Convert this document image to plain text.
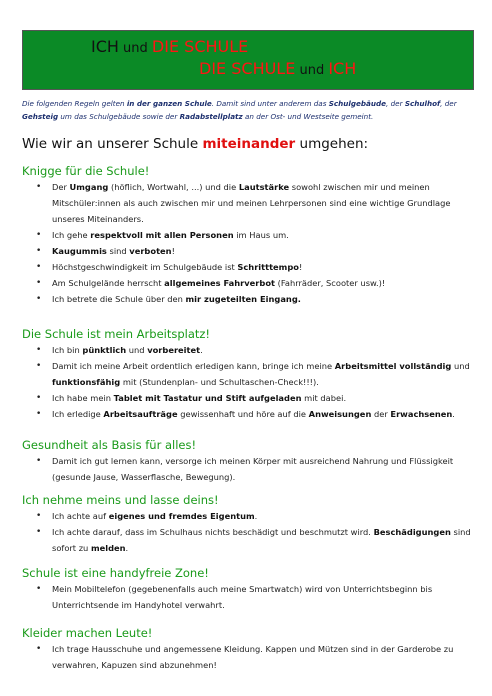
ICH und DIE SCHULE
DIE SCHULE und ICH
Die folgenden Regeln gelten in der ganzen Schule. Damit sind unter anderem das Schulgebäude, der Schulhof, der Gehsteig um das Schulgebäude sowie der Radabstellplatz an der Ost- und Westseite gemeint.
Wie wir an unserer Schule miteinander umgehen:
Knigge für die Schule!
• Der Umgang (höflich, Wortwahl, ...) und die Lautstärke sowohl zwischen mir und meinen Mitschüler:innen als auch zwischen mir und meinen Lehrpersonen sind eine wichtige Grundlage unseres Miteinanders.
• Ich gehe respektvoll mit allen Personen im Haus um.
• Kaugummis sind verboten!
• Höchstgeschwindigkeit im Schulgebäude ist Schritttempo!
• Am Schulgelände herrscht allgemeines Fahrverbot (Fahrräder, Scooter usw.)!
• Ich betrete die Schule über den mir zugeteilten Eingang.
Die Schule ist mein Arbeitsplatz!
• Ich bin pünktlich und vorbereitet.
• Damit ich meine Arbeit ordentlich erledigen kann, bringe ich meine Arbeitsmittel vollständig und funktionsfähig mit (Stundenplan- und Schultaschen-Check!!!).
• Ich habe mein Tablet mit Tastatur und Stift aufgeladen mit dabei.
• Ich erledige Arbeitsaufträge gewissenhaft und höre auf die Anweisungen der Erwachsenen.
Gesundheit als Basis für alles!
• Damit ich gut lernen kann, versorge ich meinen Körper mit ausreichend Nahrung und Flüssigkeit (gesunde Jause, Wasserflasche, Bewegung).
Ich nehme meins und lasse deins!
• Ich achte auf eigenes und fremdes Eigentum.
• Ich achte darauf, dass im Schulhaus nichts beschädigt und beschmutzt wird. Beschädigungen sind sofort zu melden.
Schule ist eine handyfreie Zone!
• Mein Mobiltelefon (gegebenenfalls auch meine Smartwatch) wird von Unterrichtsbeginn bis Unterrichtsende im Handyhotel verwahrt.
Kleider machen Leute!
• Ich trage Hausschuhe und angemessene Kleidung. Kappen und Mützen sind in der Garderobe zu verwahren, Kapuzen sind abzunehmen!
